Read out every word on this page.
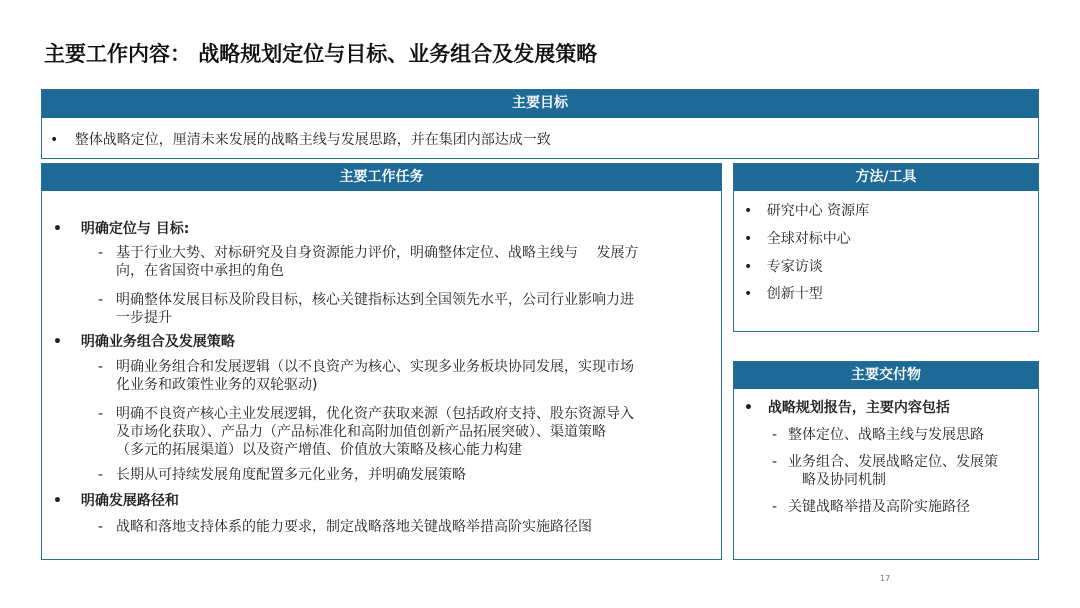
主要工作内容： 战略规划定位与目标、业务组合及发展策略
主要目标
• 整体战略定位，厘清未来发展的战略主线与发展思路，并在集团内部达成一致
主要工作任务
• 明确定位与 目标:
- 基于行业大势、对标研究及自身资源能力评价，明确整体定位、战略主线与　 发展方
向，在省国资中承担的角色
- 明确整体发展目标及阶段目标，核心关键指标达到全国领先水平，公司行业影响力进
一步提升
• 明确业务组合及发展策略
- 明确业务组合和发展逻辑（以不良资产为核心、实现多业务板块协同发展，实现市场
化业务和政策性业务的双轮驱动)
- 明确不良资产核心主业发展逻辑，优化资产获取来源（包括政府支持、股东资源导入
及市场化获取）、产品力（产品标准化和高附加值创新产品拓展突破）、渠道策略
（多元的拓展渠道）以及资产增值、价值放大策略及核心能力构建
- 长期从可持续发展角度配置多元化业务，并明确发展策略
• 明确发展路径和
- 战略和落地支持体系的能力要求，制定战略落地关键战略举措高阶实施路径图
方法/工具
• 研究中心 资源库
• 全球对标中心
• 专家访谈
• 创新十型
主要交付物
• 战略规划报告，主要内容包括
- 整体定位、战略主线与发展思路
- 业务组合、发展战略定位、发展策
略及协同机制
- 关键战略举措及高阶实施路径
17
